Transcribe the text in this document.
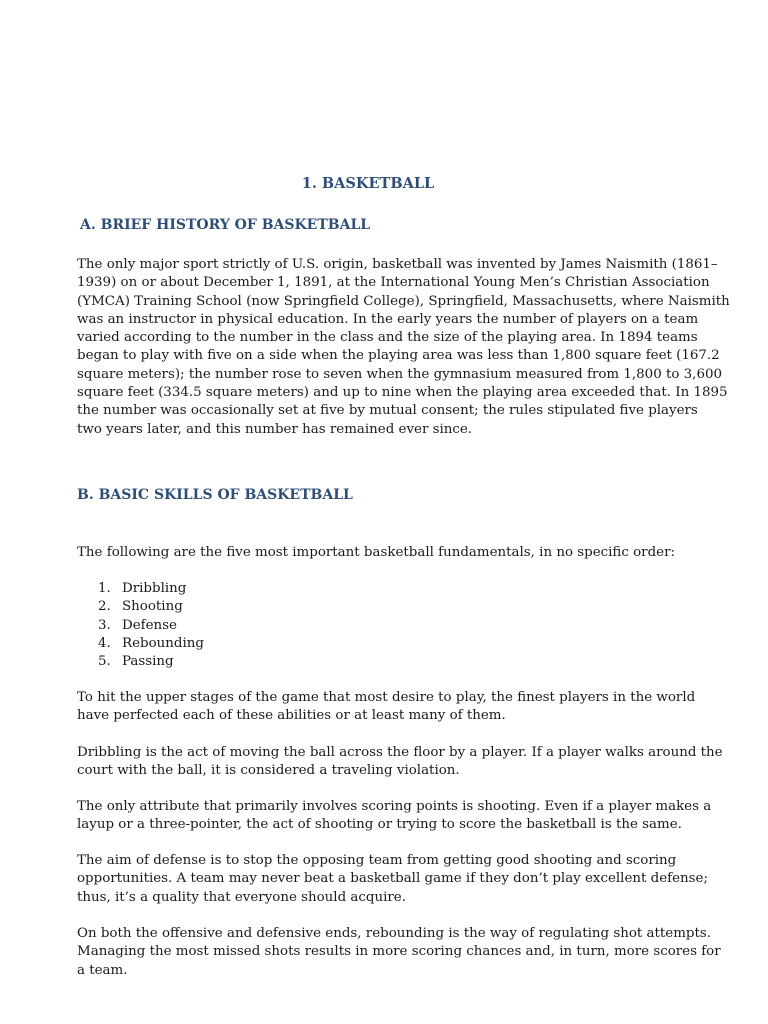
1. BASKETBALL
A. BRIEF HISTORY OF BASKETBALL

The only major sport strictly of U.S. origin, basketball was invented by James Naismith (1861–
1939) on or about December 1, 1891, at the International Young Men’s Christian Association
(YMCA) Training School (now Springfield College), Springfield, Massachusetts, where Naismith
was an instructor in physical education. In the early years the number of players on a team
varied according to the number in the class and the size of the playing area. In 1894 teams
began to play with five on a side when the playing area was less than 1,800 square feet (167.2
square meters); the number rose to seven when the gymnasium measured from 1,800 to 3,600
square feet (334.5 square meters) and up to nine when the playing area exceeded that. In 1895
the number was occasionally set at five by mutual consent; the rules stipulated five players
two years later, and this number has remained ever since.

B. BASIC SKILLS OF BASKETBALL

The following are the five most important basketball fundamentals, in no specific order:

1. Dribbling
2. Shooting
3. Defense
4. Rebounding
5. Passing

To hit the upper stages of the game that most desire to play, the finest players in the world
have perfected each of these abilities or at least many of them.

Dribbling is the act of moving the ball across the floor by a player. If a player walks around the
court with the ball, it is considered a traveling violation.

The only attribute that primarily involves scoring points is shooting. Even if a player makes a
layup or a three-pointer, the act of shooting or trying to score the basketball is the same.

The aim of defense is to stop the opposing team from getting good shooting and scoring
opportunities. A team may never beat a basketball game if they don’t play excellent defense;
thus, it’s a quality that everyone should acquire.

On both the offensive and defensive ends, rebounding is the way of regulating shot attempts.
Managing the most missed shots results in more scoring chances and, in turn, more scores for
a team.
